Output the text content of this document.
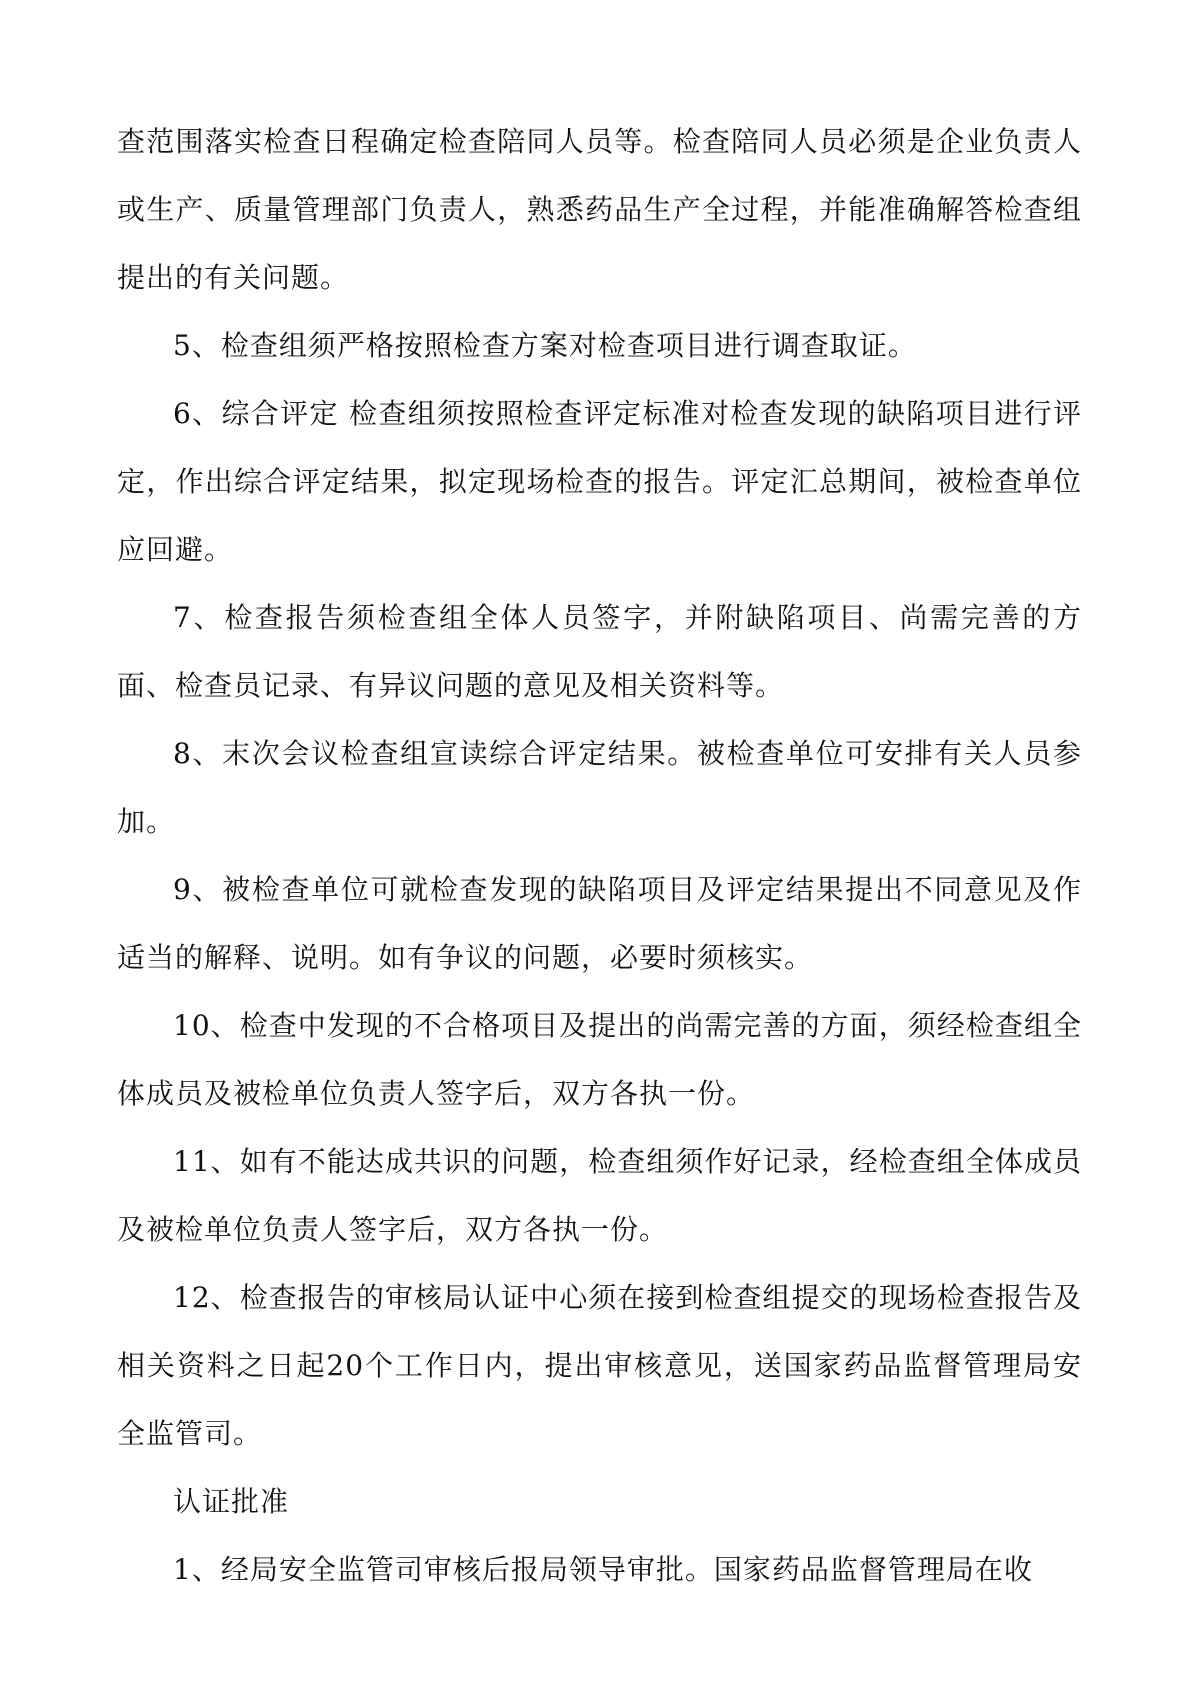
查范围落实检查日程确定检查陪同人员等。检查陪同人员必须是企业负责人或生产、质量管理部门负责人，熟悉药品生产全过程，并能准确解答检查组提出的有关问题。

5、检查组须严格按照检查方案对检查项目进行调查取证。

6、综合评定 检查组须按照检查评定标准对检查发现的缺陷项目进行评定，作出综合评定结果，拟定现场检查的报告。评定汇总期间，被检查单位应回避。

7、检查报告须检查组全体人员签字，并附缺陷项目、尚需完善的方面、检查员记录、有异议问题的意见及相关资料等。

8、末次会议检查组宣读综合评定结果。被检查单位可安排有关人员参加。

9、被检查单位可就检查发现的缺陷项目及评定结果提出不同意见及作适当的解释、说明。如有争议的问题，必要时须核实。

10、检查中发现的不合格项目及提出的尚需完善的方面，须经检查组全体成员及被检单位负责人签字后，双方各执一份。

11、如有不能达成共识的问题，检查组须作好记录，经检查组全体成员及被检单位负责人签字后，双方各执一份。

12、检查报告的审核局认证中心须在接到检查组提交的现场检查报告及相关资料之日起20个工作日内，提出审核意见，送国家药品监督管理局安全监管司。

认证批准

1、经局安全监管司审核后报局领导审批。国家药品监督管理局在收
